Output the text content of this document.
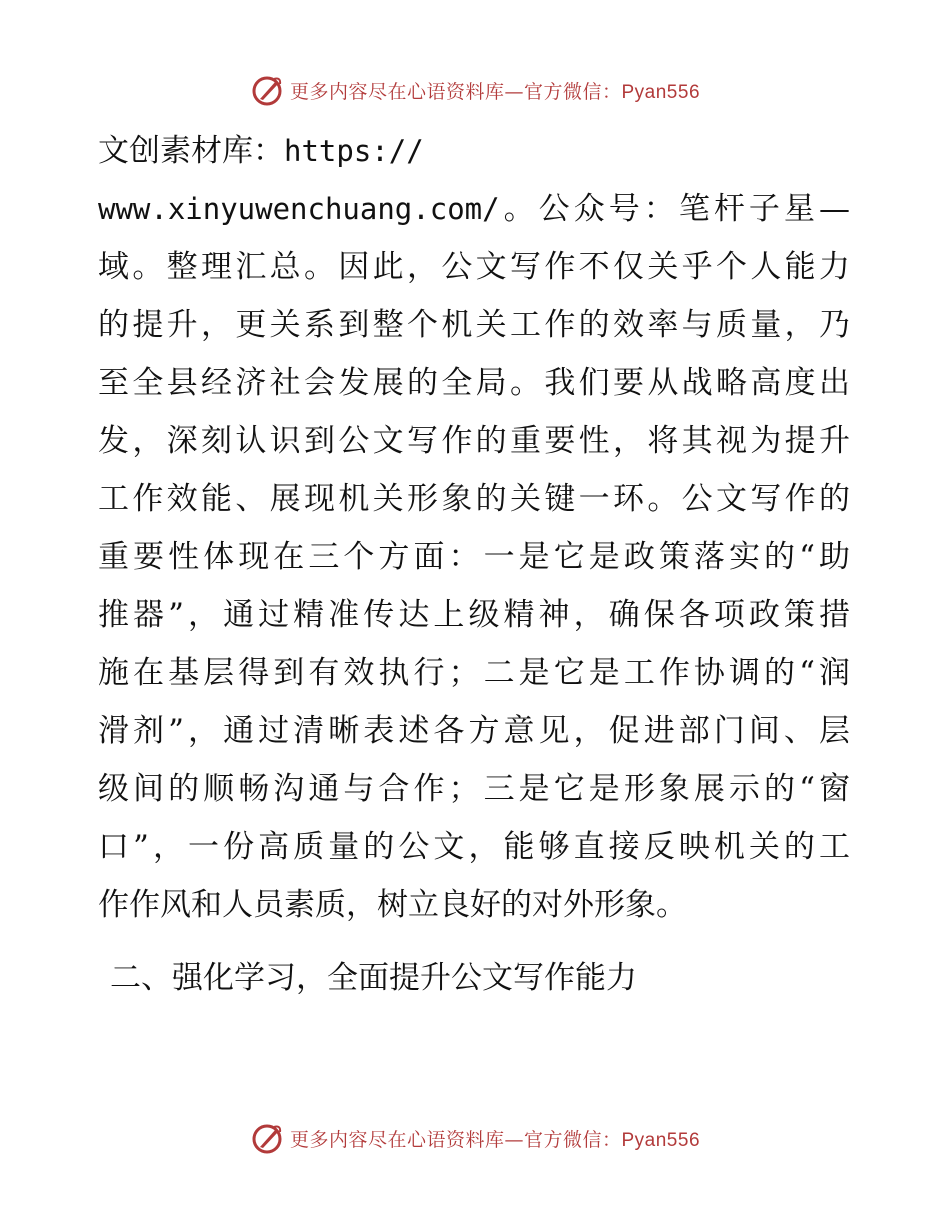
更多内容尽在心语资料库—官方微信：Pyan556
文创素材库：https://
www.xinyuwenchuang.com/。公众号：笔杆子星—
域。整理汇总。因此，公文写作不仅关乎个人能力
的提升，更关系到整个机关工作的效率与质量，乃
至全县经济社会发展的全局。我们要从战略高度出
发，深刻认识到公文写作的重要性，将其视为提升
工作效能、展现机关形象的关键一环。公文写作的
重要性体现在三个方面：一是它是政策落实的“助
推器”，通过精准传达上级精神，确保各项政策措
施在基层得到有效执行；二是它是工作协调的“润
滑剂”，通过清晰表述各方意见，促进部门间、层
级间的顺畅沟通与合作；三是它是形象展示的“窗
口”，一份高质量的公文，能够直接反映机关的工
作作风和人员素质，树立良好的对外形象。
二、强化学习，全面提升公文写作能力
更多内容尽在心语资料库—官方微信：Pyan556
